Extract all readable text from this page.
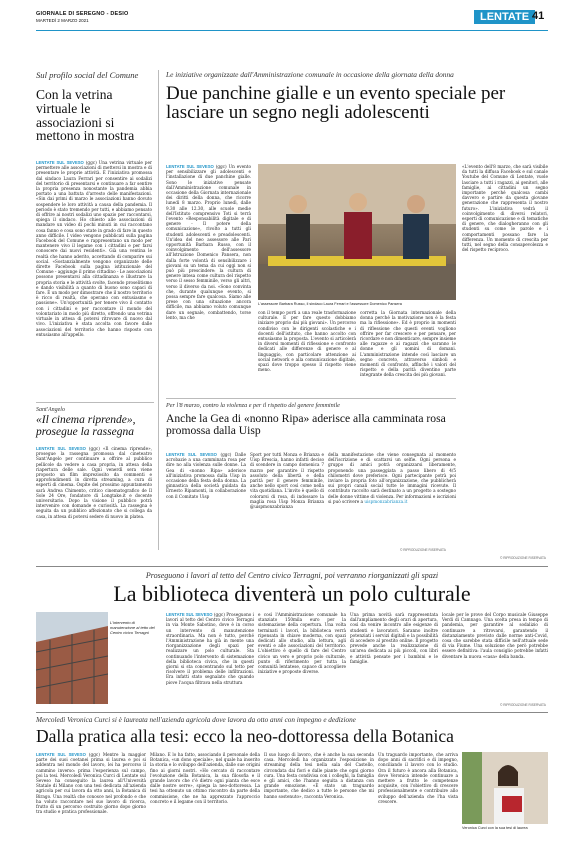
GIORNALE DI SEREGNO - DESIO
MARTEDÌ 2 MARZO 2021	LENTATE 41
Sul profilo social del Comune
Con la vetrina virtuale le associazioni si mettono in mostra
LENTATE SUL SEVESO (ggc) Una vetrina virtuale per permettere alle associazioni di mettersi in mostra e di presentare le proprie attività. È l'iniziativa promossa dal sindaco Laura Ferrari per consentire ai sodalizi del territorio di presentarsi e continuare a far sentire la propria presenza nonostante la pandemia abbia portato a una battuta d'arresto delle manifestazioni. «Sin dai primi di marzo le associazioni hanno dovuto sospendere le loro attività a causa della pandemia. Il periodo è stato tremendo per tutti, e abbiamo pensato di offrire ai nostri sodalizi uno spazio per raccontarsi, spiega il sindaco. Ho chiesto alle associazioni di mandare un video di pochi minuti in cui raccontano cosa fanno e cosa sono state in grado di fare in questo anno difficile. I video vengono pubblicati sulla pagina Facebook del Comune e rappresentano un modo per mantenere vivo il legame con i cittadini e per farsi conoscere dai nuovi residenti». Già una ventina le realtà che hanno aderito, accettando di comparire sui social. «Sostanzialmente vengono organizzate delle dirette Facebook sulla pagina istituzionale del Comune - aggiunge il primo cittadino - Le associazioni possono presentarsi alla cittadinanza e illustrare la propria storia e le attività svolte, facendo proselitismo e dando visibilità a quanto di buono sono capaci di fare. È un modo per dimostrare che il nostro territorio è ricco di realtà, che operano con entusiasmo e passione». Un'opportunità per tenere vivo il contatto con i cittadini e per raccontare il mondo del volontariato in modo più diretto, offrendo una vetrina virtuale in attesa di potersi ritrovare di nuovo dal vivo. L'iniziativa è stata accolta con favore dalle associazioni del territorio che hanno risposto con entusiasmo all'appello.
Sant'Angelo
«Il cinema riprende», prosegue la rassegna
LENTATE SUL SEVESO (ggc) «Il cinema riprende», prosegue la rassegna promossa dal cineteatro Sant'Angelo per continuare a offrire al pubblico pellicole da vedere a casa propria, in attesa della riapertura delle sale. Ogni venerdì sera viene proposto un film impreziosito da commenti e approfondimenti in diretta streaming, a cura di esperti di cinema. Ospite del prossimo appuntamento sarà Andrea Chimento, critico cinematografico de Il Sole 24 Ore, fondatore di Longtake.it e docente universitario. Dopo la visione il pubblico potrà intervenire con domande e curiosità. La rassegna è seguita da un pubblico affezionato che si collega da casa, in attesa di potersi sedere di nuovo in platea.
Le iniziative organizzate dall'Amministrazione comunale in occasione della giornata della donna
Due panchine gialle e un evento speciale per lasciare un segno negli adolescenti
LENTATE SUL SEVESO (ggc) Un evento per sensibilizzare gli adolescenti e l'installazione di due panchine gialle. Sono le iniziative pensate dall'Amministrazione comunale in occasione della Giornata internazionale dei diritti della donna, che ricorre lunedì 8 marzo. Proprio lunedì, dalle 9.30 alle 12.30, alle scuole medie dell'Istituto comprensivo Toti si terrà l'evento «Responsabilità digitale e di genere - Il potere della comunicazione», rivolto a tutti gli studenti adolescenti e preadolescenti. Un'idea del neo assessore alle Pari opportunità Barbara Russo, con il coinvolgimento dell'assessore all'Istruzione Domenico Pansera, non dalla forte volontà di sensibilizzare i giovani su un tema da cui oggi non si può più prescindere: la cultura di genere intesa come cultura del rispetto verso il sesso femminile, verso gli altri, verso il diverso da noi. «Sono convinta che, durante qualunque evento, si possa sempre fare qualcosa. Siamo alle prese con una situazione ancora difficile, ma abbiamo voluto comunque dare un segnale, combattendo, torse lento, ma che
L'assessore Barbara Russo, il sindaco Laura Ferrari e l'assessore Domenico Pansera
con il tempo porti a una reale trasformazione culturale. E per fare questo dobbiamo iniziare proprio dai più giovani». Un percorso condiviso con le dirigenti scolastiche e i docenti dell'istituto, che hanno accolto con entusiasmo la proposta. L'evento si articolerà in diversi momenti di riflessione e confronto dedicati alle differenze di genere e al linguaggio, con particolare attenzione ai social network e alla comunicazione digitale, spazi dove troppo spesso il rispetto viene meno.
corretta la Giornata internazionale della donna perché la motivazione non è la festa ma la riflessione». Ed è proprio in momenti di riflessione che questi eventi vogliono offrire per far crescere e per pensare, per ricordare e non dimenticare, sempre insieme alle ragazze e ai ragazzi che saranno le donne e gli uomini di domani. L'amministrazione intende così lasciare un segno concreto, attraverso simboli e momenti di confronto, affinché i valori del rispetto e della parità diventino parte integrante della crescita dei più giovani.
«L'evento dell'8 marzo, che sarà visibile da tutti la diffusa Facebook e sul canale Youtube del Comune di Lentate, vuole lasciare a tutti i ragazzi, ai genitori, alle famiglie, ai cittadini un segno importante perché qualcosa cambi davvero e partire da questa giovane generazione che rappresenta il nostro futuro». L'iniziativa vedrà il coinvolgimento di diversi relatori, esperti di comunicazione e di tematiche di genere, che dialogheranno con gli studenti su come le parole e i comportamenti possano fare la differenza. Un momento di crescita per tutti, nel segno della consapevolezza e del rispetto reciproco.
Per l'8 marzo, contro la violenza e per il rispetto del genere femminile
Anche la Gea di «nonno Ripa» aderisce alla camminata rosa promossa dalla Uisp
LENTATE SUL SEVESO (ggc) Dalle acrobazie a una camminata rosa per dire no alla violenza sulle donne. La Gea di «nonno Ripa» aderisce all'iniziativa promossa dalla Uisp in occasione della festa della donna. La ginnastica della società guidata da Ernesto Ripamonti, in collaborazione con il Comitato Uisp
Sport per tutti Monza e Brianza e Uisp Brescia, hanno infatti deciso di scendere in campo domenica 7 marzo per garantire il rispetto assoluto della libertà e della parità per il genere femminile, anche nello sport così come nella vita quotidiana. L'invito è quello di colorarsi di rosa, di indossare la maglia rosa Uisp Monza Brianza @uispmonzabrianza
della manifestazione che viene consegnata al momento dell'iscrizione e di scattarsi un selfie. Ogni persona e gruppo di amici potrà organizzarsi liberamente, proponendo una passeggiata a passo libero di 4/5 chilometri dove preferisce. Ogni partecipante potrà poi inviare la propria foto all'organizzazione, che pubblicherà sui propri canali social tutte le immagini ricevute. Il contributo raccolto sarà destinato a un progetto a sostegno delle donne vittime di violenza. Per informazioni e iscrizioni si può scrivere a uispmonzabrianza.it
© RIPRODUZIONE RISERVATA
© RIPRODUZIONE RISERVATA
Proseguono i lavori al tetto del Centro civico Terragni, poi verranno riorganizzati gli spazi
La biblioteca diventerà un polo culturale
L'intervento di manutenzione al tetto del Centro civico Terragni
LENTATE SUL SEVESO (ggc) Proseguono i lavori al tetto del Centro civico Terragni in via Monte Sabotino, dove è in corso un intervento di manutenzione straordinaria. Ma non è tutto, perché l'Amministrazione ha già in mente una riorganizzazione degli spazi per realizzare un polo culturale. Sta continuando l'intervento di sistemazione della biblioteca civica, che in questi giorni si sta concentrando sul tetto per risolvere il problema delle infiltrazioni. Era infatti stato segnalato che quando piove l'acqua filtrava nella struttura
e così l'Amministrazione comunale ha stanziato 150mila euro per la sistemazione della copertura. Una volta terminati i lavori, la biblioteca verrà ripensata in chiave moderna, con spazi dedicati allo studio, alla lettura, agli eventi e alle associazioni del territorio. L'obiettivo è quello di fare del Centro civico un vero e proprio polo culturale, punto di riferimento per tutta la comunità lentatese, capace di accogliere iniziative e proposte diverse.
Una prima novità sarà rappresentata dall'ampliamento degli orari di apertura, così da venire incontro alle esigenze di studenti e lavoratori. Saranno inoltre potenziati i servizi digitali e la possibilità di accedere al prestito online. Il progetto prevede anche la realizzazione di un'area dedicata ai più piccoli, con libri e attività pensate per i bambini e le famiglie.
locale per le prove del Corpo musicale Giuseppe Verdi di Camnago. Una scelta presa in tempo di pandemia, per garantire al sodalizio di continuare a ritrovarsi, garantendo il distanziamento previsto dalle norme anti-Covid, cosa che sarebbe stata difficile nell'attuale sede di via Fiume. Una soluzione che però potrebbe essere definitiva: l'aula consiglio potrebbe infatti diventare la nuova «casa» della banda.
© RIPRODUZIONE RISERVATA
Mercoledì Veronica Curci si è laureata nell'azienda agricola dove lavora da otto anni con impegno e dedizione
Dalla pratica alla tesi: ecco la neo-dottoressa della Botanica
LENTATE SUL SEVESO (ggc) Mentre la maggior parte dei suoi coetanei prima si laurea e poi si addentra nel mondo del lavoro, lei ha percorso il cammino inverso: prima l'esperienza sul campo, poi la tesi. Mercoledì Veronica Curci di Lentate sul Seveso ha conseguito la laurea all'Università Statale di Milano con una tesi dedicata all'azienda agricola per cui lavora da otto anni, la Botanica di Birago. Una realtà che conosce nel profondo e che ha voluto raccontare nel suo lavoro di ricerca, frutto di un percorso costruito giorno dopo giorno tra studio e pratica professionale.
Milano. E lo ha fatto, associando il personale della Botanica, «un dono speciale», nel quale ha inserito la storia e lo sviluppo dell'azienda, dalle sue origini fino ai giorni nostri. «Ho cercato di raccontare l'evoluzione della Botanica, la sua filosofia e il grande lavoro che c'è dietro ogni pianta che esce dalle nostre serre», spiega la neo-dottoressa. La tesi ha ottenuto un ottimo riscontro da parte della commissione, che ne ha apprezzato l'approccio concreto e il legame con il territorio.
Il suo luogo di lavoro, che è anche la sua seconda casa. Mercoledì ha organizzato l'esposizione in streaming della tesi nella sala del Castello, circondata dai fiori e dalle piante che ogni giorno cura. Una festa condivisa con i colleghi, la famiglia e gli amici, che l'hanno seguita a distanza con grande emozione. «È stato un traguardo importante, che dedico a tutte le persone che mi hanno sostenuto», racconta Veronica.
Un traguardo importante, che arriva dopo anni di sacrifici e di impegno, conciliando il lavoro con lo studio. Ora il futuro è ancora alla Botanica, dove Veronica intende continuare a mettere a frutto le competenze acquisite, con l'obiettivo di crescere professionalmente e contribuire allo sviluppo dell'azienda che l'ha vista crescere.
Veronica Curci con la sua tesi di laurea
